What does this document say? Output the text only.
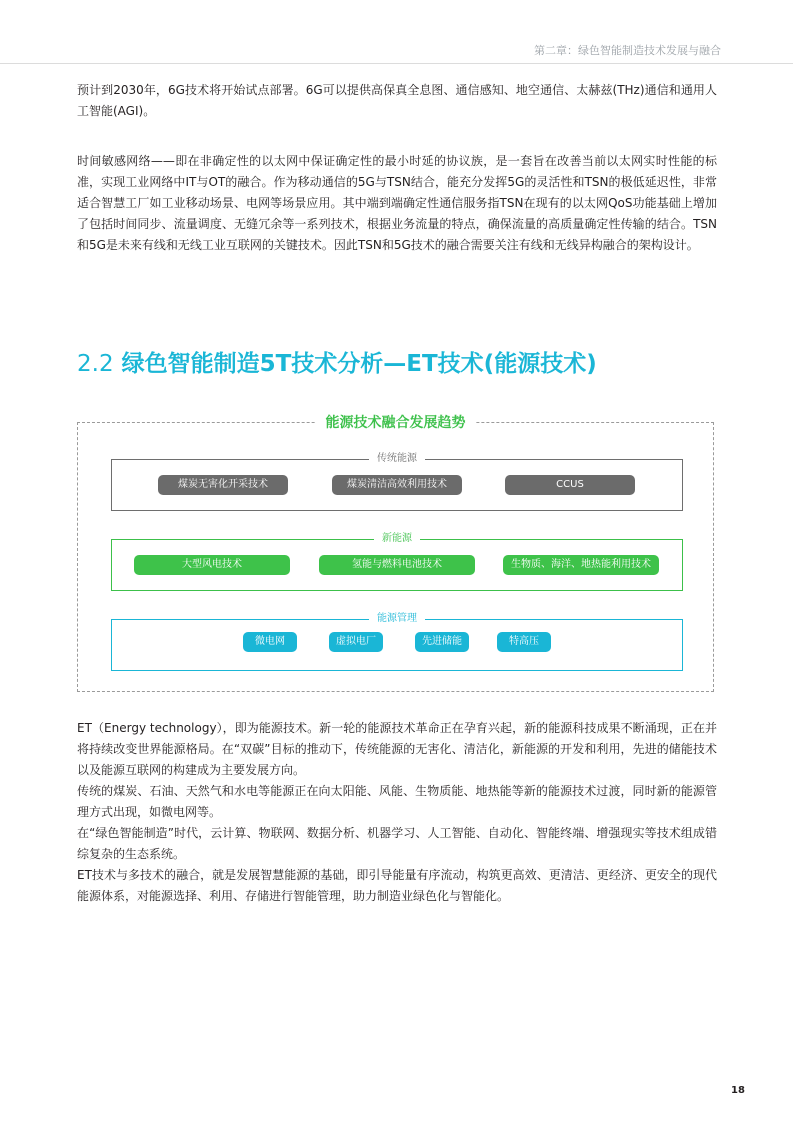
第二章：绿色智能制造技术发展与融合

预计到2030年，6G技术将开始试点部署。6G可以提供高保真全息图、通信感知、地空通信、太赫兹(THz)通信和通用人工智能(AGI)。

时间敏感网络——即在非确定性的以太网中保证确定性的最小时延的协议族，是一套旨在改善当前以太网实时性能的标准，实现工业网络中IT与OT的融合。作为移动通信的5G与TSN结合，能充分发挥5G的灵活性和TSN的极低延迟性，非常适合智慧工厂如工业移动场景、电网等场景应用。其中端到端确定性通信服务指TSN在现有的以太网QoS功能基础上增加了包括时间同步、流量调度、无缝冗余等一系列技术，根据业务流量的特点，确保流量的高质量确定性传输的结合。TSN和5G是未来有线和无线工业互联网的关键技术。因此TSN和5G技术的融合需要关注有线和无线异构融合的架构设计。

2.2 绿色智能制造5T技术分析—ET技术(能源技术)
能源技术融合发展趋势
传统能源
煤炭无害化开采技术	煤炭清洁高效利用技术	CCUS
新能源
大型风电技术	氢能与燃料电池技术	生物质、海洋、地热能利用技术
能源管理
微电网	虚拟电厂	先进储能	特高压

ET（Energy technology），即为能源技术。新一轮的能源技术革命正在孕育兴起，新的能源科技成果不断涌现，正在并将持续改变世界能源格局。在“双碳”目标的推动下，传统能源的无害化、清洁化，新能源的开发和利用，先进的储能技术以及能源互联网的构建成为主要发展方向。
传统的煤炭、石油、天然气和水电等能源正在向太阳能、风能、生物质能、地热能等新的能源技术过渡，同时新的能源管理方式出现，如微电网等。
在“绿色智能制造”时代，云计算、物联网、数据分析、机器学习、人工智能、自动化、智能终端、增强现实等技术组成错综复杂的生态系统。
ET技术与多技术的融合，就是发展智慧能源的基础，即引导能量有序流动，构筑更高效、更清洁、更经济、更安全的现代能源体系，对能源选择、利用、存储进行智能管理，助力制造业绿色化与智能化。

18
